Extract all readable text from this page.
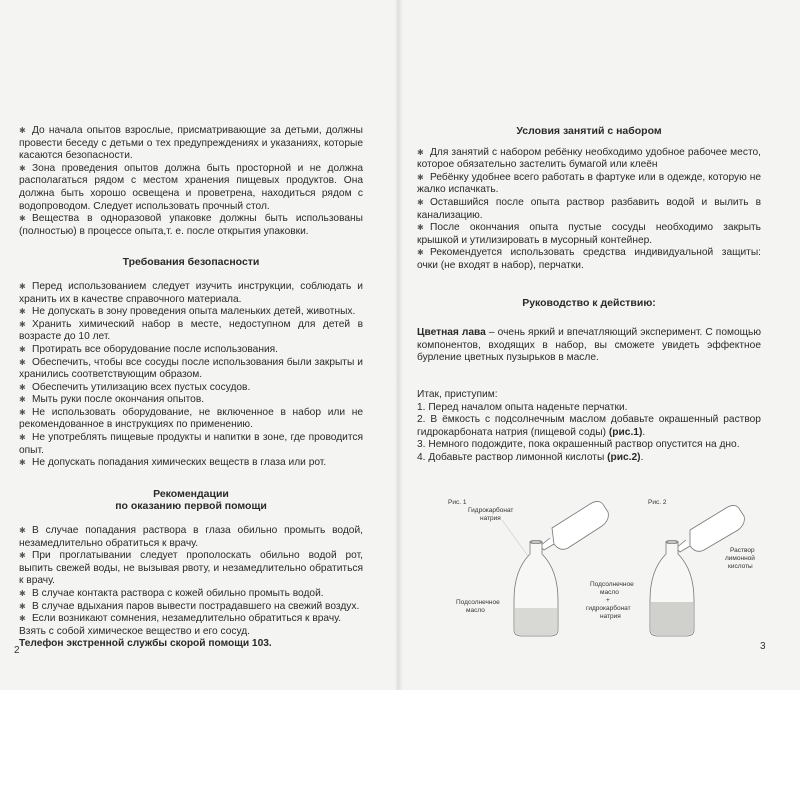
✱ До начала опытов взрослые, присматривающие за детьми, должны провести беседу с детьми о тех предупреждениях и указаниях, которые касаются безопасности.

✱ Зона проведения опытов должна быть просторной и не должна располагаться рядом с местом хранения пищевых продуктов. Она должна быть хорошо освещена и проветрена, находиться рядом с водопроводом. Следует использовать прочный стол.

✱ Вещества в одноразовой упаковке должны быть использованы (полностью) в процессе опыта,т. е. после открытия упаковки.

Требования безопасности

✱ Перед использованием следует изучить инструкции, соблюдать и хранить их в качестве справочного материала.

✱ Не допускать в зону проведения опыта маленьких детей, животных.

✱ Хранить химический набор в месте, недоступном для детей в возрасте до 10 лет.

✱ Протирать все оборудование после использования.

✱ Обеспечить, чтобы все сосуды после использования были закрыты и хранились соответствующим образом.

✱ Обеспечить утилизацию всех пустых сосудов.

✱ Мыть руки после окончания опытов.

✱ Не использовать оборудование, не включенное в набор или не рекомендованное в инструкциях по применению.

✱ Не употреблять пищевые продукты и напитки в зоне, где проводится опыт.

✱ Не допускать попадания химических веществ в глаза или рот.

Рекомендации

по оказанию первой помощи

✱ В случае попадания раствора в глаза обильно промыть водой, незамедлительно обратиться к врачу.

✱ При проглатывании следует прополоскать обильно водой рот, выпить свежей воды, не вызывая рвоту, и незамедлительно обратиться к врачу.

✱ В случае контакта раствора с кожей обильно промыть водой.

✱ В случае вдыхания паров вывести пострадавшего на свежий воздух.

✱ Если возникают сомнения, незамедлительно обратиться к врачу.

Взять с собой химическое вещество и его сосуд.

Телефон экстренной службы скорой помощи 103.

2

Условия занятий с набором

✱ Для занятий с набором ребёнку необходимо удобное рабочее место, которое обязательно застелить бумагой или клеён

✱ Ребёнку удобнее всего работать в фартуке или в одежде, которую не жалко испачкать.

✱ Оставшийся после опыта раствор разбавить водой и вылить в канализацию.

✱ После окончания опыта пустые сосуды необходимо закрыть крышкой и утилизировать в мусорный контейнер.

✱ Рекомендуется использовать средства индивидуальной защиты: очки (не входят в набор), перчатки.

Руководство к действию:

Цветная лава – очень яркий и впечатляющий эксперимент. С помощью компонентов, входящих в набор, вы сможете увидеть эффектное бурление цветных пузырьков в масле.

Итак, приступим:

1. Перед началом опыта наденьте перчатки.

2. В ёмкость с подсолнечным маслом добавьте окрашенный раствор гидрокарбоната натрия (пищевой соды) (рис.1).

3. Немного подождите, пока окрашенный раствор опустится на дно.

4. Добавьте раствор лимонной кислоты (рис.2).

Рис. 1
Гидрокарбонат
натрия
Подсолнечное
масло
Рис. 2
Раствор
лимонной
кислоты
Подсолнечное
масло
+
гидрокарбонат
натрия
3
